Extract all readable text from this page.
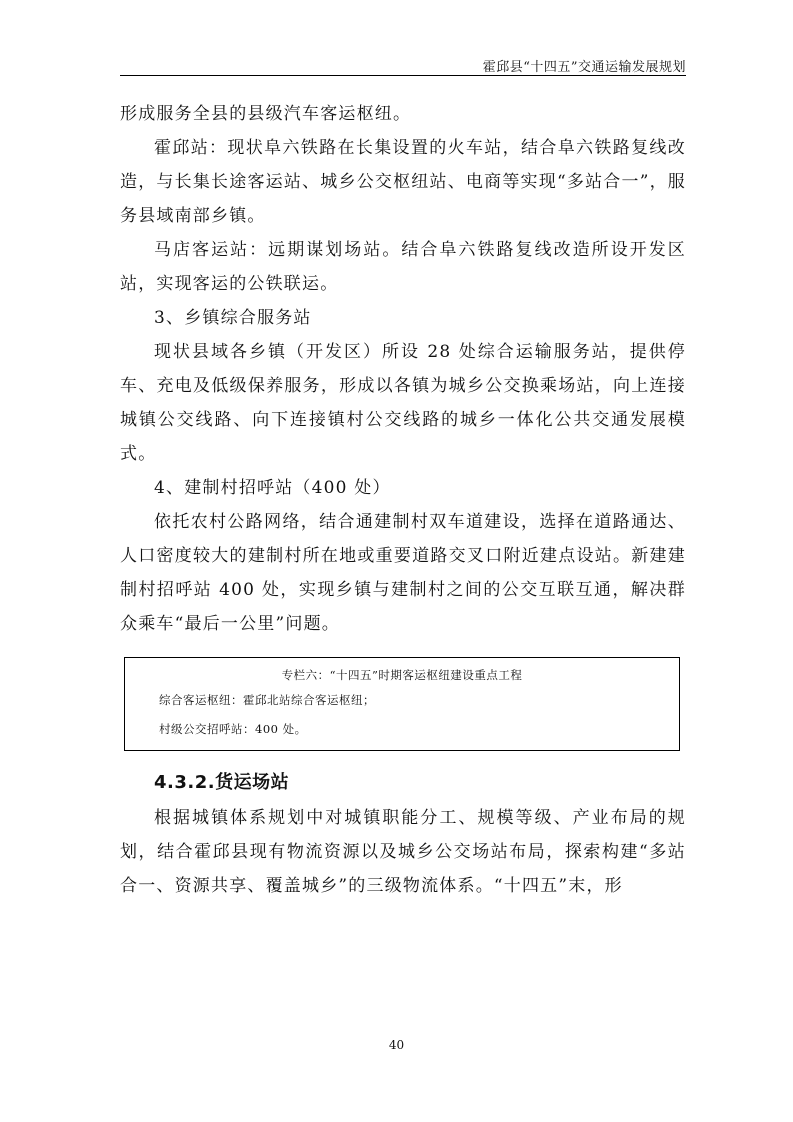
霍邱县“十四五”交通运输发展规划

形成服务全县的县级汽车客运枢纽。

霍邱站：现状阜六铁路在长集设置的火车站，结合阜六铁路复线改造，与长集长途客运站、城乡公交枢纽站、电商等实现“多站合一”，服务县域南部乡镇。

马店客运站：远期谋划场站。结合阜六铁路复线改造所设开发区站，实现客运的公铁联运。

3、乡镇综合服务站

现状县域各乡镇（开发区）所设 28 处综合运输服务站，提供停车、充电及低级保养服务，形成以各镇为城乡公交换乘场站，向上连接城镇公交线路、向下连接镇村公交线路的城乡一体化公共交通发展模式。

4、建制村招呼站（400 处）

依托农村公路网络，结合通建制村双车道建设，选择在道路通达、人口密度较大的建制村所在地或重要道路交叉口附近建点设站。新建建制村招呼站 400 处，实现乡镇与建制村之间的公交互联互通，解决群众乘车“最后一公里”问题。

专栏六：“十四五”时期客运枢纽建设重点工程
综合客运枢纽：霍邱北站综合客运枢纽；
村级公交招呼站：400 处。
4.3.2.货运场站

根据城镇体系规划中对城镇职能分工、规模等级、产业布局的规划，结合霍邱县现有物流资源以及城乡公交场站布局，探索构建“多站合一、资源共享、覆盖城乡”的三级物流体系。“十四五”末，形

40
